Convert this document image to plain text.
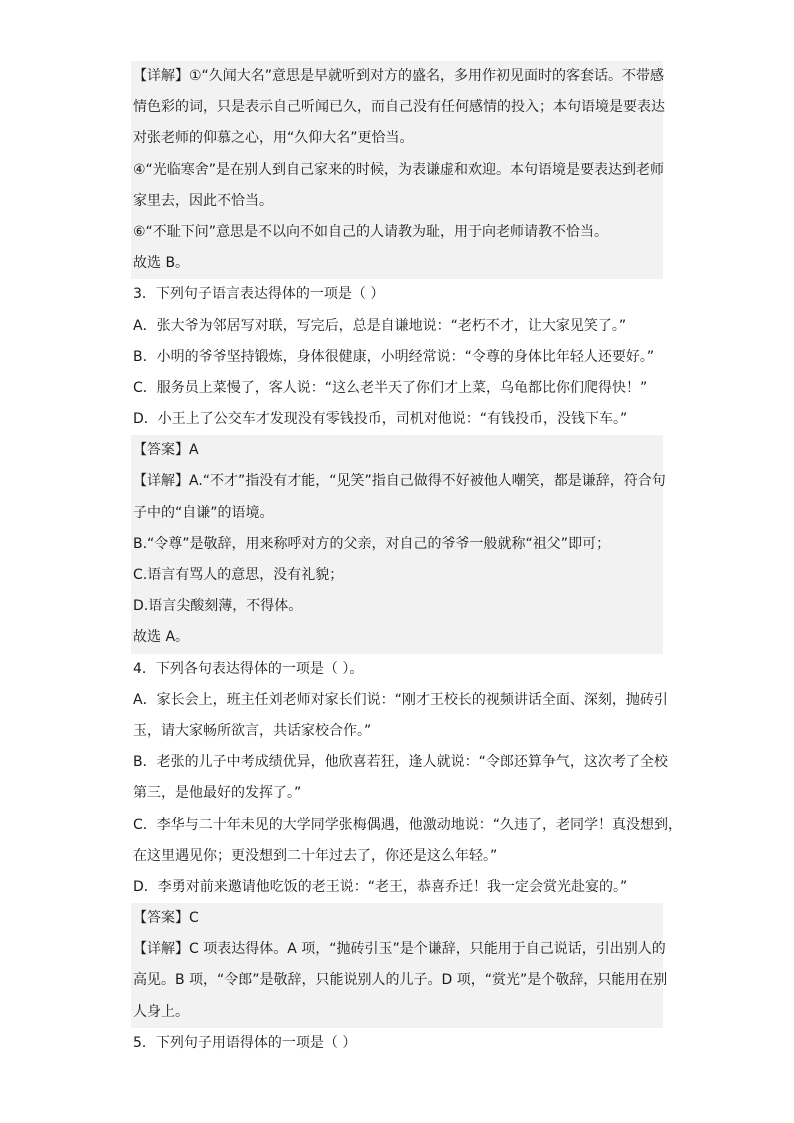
【详解】①“久闻大名”意思是早就听到对方的盛名，多用作初见面时的客套话。不带感
情色彩的词，只是表示自己听闻已久，而自己没有任何感情的投入；本句语境是要表达
对张老师的仰慕之心，用“久仰大名”更恰当。
④“光临寒舍”是在别人到自己家来的时候，为表谦虚和欢迎。本句语境是要表达到老师
家里去，因此不恰当。
⑥“不耻下问”意思是不以向不如自己的人请教为耻，用于向老师请教不恰当。
故选 B。
3．下列句子语言表达得体的一项是（ ）
A．张大爷为邻居写对联，写完后，总是自谦地说：“老朽不才，让大家见笑了。”
B．小明的爷爷坚持锻炼，身体很健康，小明经常说：“令尊的身体比年轻人还要好。”
C．服务员上菜慢了，客人说：“这么老半天了你们才上菜，乌龟都比你们爬得快！”
D．小王上了公交车才发现没有零钱投币，司机对他说：“有钱投币，没钱下车。”
【答案】A
【详解】A.“不才”指没有才能，“见笑”指自己做得不好被他人嘲笑，都是谦辞，符合句
子中的“自谦”的语境。
B.“令尊”是敬辞，用来称呼对方的父亲，对自己的爷爷一般就称“祖父”即可；
C.语言有骂人的意思，没有礼貌；
D.语言尖酸刻薄，不得体。
故选 A。
4．下列各句表达得体的一项是（ ）。
A．家长会上，班主任刘老师对家长们说：“刚才王校长的视频讲话全面、深刻，抛砖引
玉，请大家畅所欲言，共话家校合作。”
B．老张的儿子中考成绩优异，他欣喜若狂，逢人就说：“令郎还算争气，这次考了全校
第三，是他最好的发挥了。”
C．李华与二十年未见的大学同学张梅偶遇，他激动地说：“久违了，老同学！真没想到，
在这里遇见你；更没想到二十年过去了，你还是这么年轻。”
D．李勇对前来邀请他吃饭的老王说：“老王，恭喜乔迁！我一定会赏光赴宴的。”
【答案】C
【详解】C 项表达得体。A 项，“抛砖引玉”是个谦辞，只能用于自己说话，引出别人的
高见。B 项，“令郎”是敬辞，只能说别人的儿子。D 项，“赏光”是个敬辞，只能用在别
人身上。
5．下列句子用语得体的一项是（ ）
